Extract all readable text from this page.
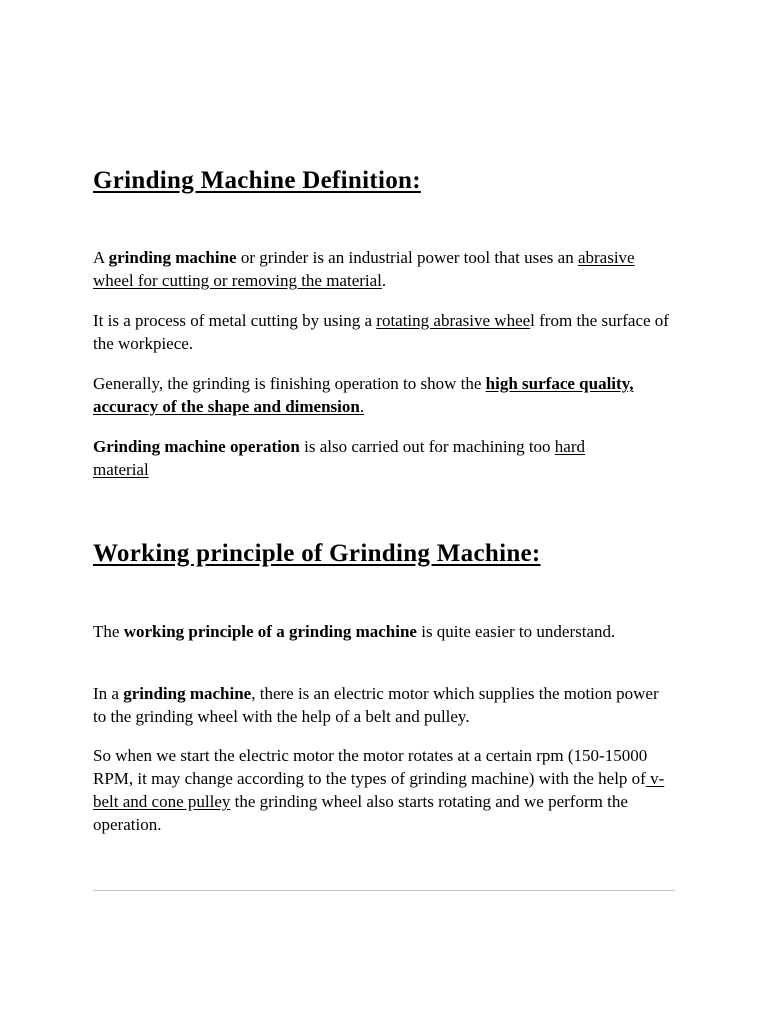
Grinding Machine Definition:

A grinding machine or grinder is an industrial power tool that uses an abrasive wheel for cutting or removing the material.

It is a process of metal cutting by using a rotating abrasive wheel from the surface of the workpiece.

Generally, the grinding is finishing operation to show the high surface quality, accuracy of the shape and dimension.

Grinding machine operation is also carried out for machining too hard material

Working principle of Grinding Machine:

The working principle of a grinding machine is quite easier to understand.

In a grinding machine, there is an electric motor which supplies the motion power to the grinding wheel with the help of a belt and pulley.

So when we start the electric motor the motor rotates at a certain rpm (150-15000 RPM, it may change according to the types of grinding machine) with the help of v-belt and cone pulley the grinding wheel also starts rotating and we perform the operation.
